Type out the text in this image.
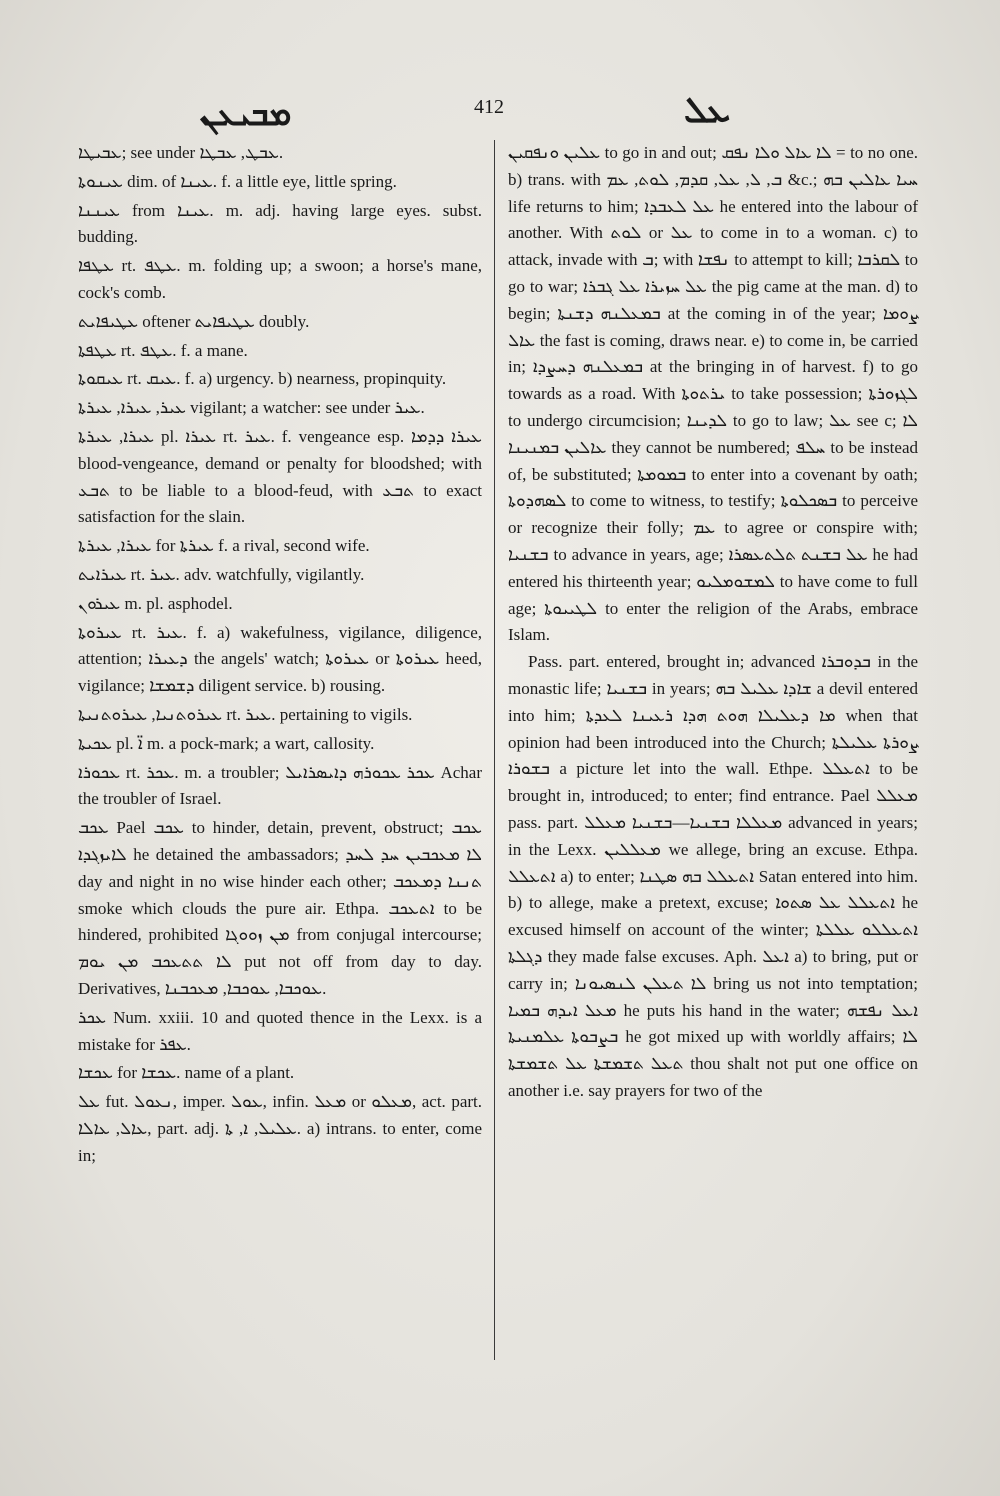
ܡܒܝܥܢ	412	ܥܠ

ܥܒܝܛܐ; see under ܥܒܛ, ܥܒܛܐ.

ܥܝܢܘܬܐ dim. of ܥܝܢܐ. f. a little eye, little spring.

ܥܝܢܢܐ from ܥܝܢܐ. m. adj. having large eyes. subst. budding.

ܥܛܦܐ rt. ܥܛܦ. m. folding up; a swoon; a horse's mane, cock's comb.

ܥܛܝܦܐܝܬ oftener ܥܛܝܦܐܝܬ doubly.

ܥܛܦܬܐ rt. ܥܛܦ. f. a mane.

ܥܝܩܘܬܐ rt. ܥܝܩ. f. a) urgency. b) nearness, propinquity.

ܥܝܪ, ܥܝܪܐ, ܥܝܪܬܐ vigilant; a watcher: see under ܥܝܪ.

ܥܝܪܐ, ܥܝܪܬܐ pl. ܥܝܪܐ rt. ܥܝܪ. f. vengeance esp. ܥܝܪܐ ܕܕܡܐ blood-vengeance, demand or penalty for bloodshed; with ܬܒܥ to be liable to a blood-feud, with ܬܒܥ to exact satisfaction for the slain.

ܥܝܪܐ, ܥܝܪܬܐ for ܥܝܪܬܐ f. a rival, second wife.

ܥܝܪܐܝܬ rt. ܥܝܪ. adv. watchfully, vigilantly.

ܥܝܪܘܢ m. pl. asphodel.

ܥܝܪܘܬܐ rt. ܥܝܪ. f. a) wakefulness, vigilance, diligence, attention; ܕܥܝܪܐ the angels' watch; ܥܝܪܘܬܐ or ܥܝܪܘܬܐ heed, vigilance; ܕܫܡܫܐ diligent service. b) rousing.

ܥܝܪܘܬܢܝܐ, ܥܝܪܘܬܢܝܬܐ rt. ܥܝܪ. pertaining to vigils.

ܥܟܝܬܐ pl. ܐ̈ m. a pock-mark; a wart, callosity.

ܥܟܘܪܐ rt. ܥܟܪ. m. a troubler; ܥܟܪ ܥܟܘܪܗ ܕܐܝܣܪܐܝܠ Achar the troubler of Israel.

ܥܟܒ Pael ܥܟܒ to hinder, detain, prevent, obstruct; ܥܟܒ ܠܐܝܙܓܕܐ he detained the ambassadors; ܠܐ ܡܥܟܒܝܢ ܚܕ ܠܚܕ day and night in no wise hinder each other; ܬܢܢܐ ܕܡܥܟܒ smoke which clouds the pure air. Ethpa. ܐܬܥܟܒ to be hindered, prohibited ܡܢ ܙܘܘܓܐ from conjugal intercourse; ܠܐ ܬܬܥܟܒ ܡܢ ܝܘܡ put not off from day to day. Derivatives, ܥܘܟܒܐ, ܥܘܟܒܐ, ܡܥܟܒܢܐ.

ܥܟܪ Num. xxiii. 10 and quoted thence in the Lexx. is a mistake for ܥܦܪ.

ܥܟܫܐ for ܥܟܫܐ. name of a plant.

ܥܠ fut. ܢܥܘܠ, imper. ܥܘܠ, infin. ܡܥܠ or ܡܥܠܘ, act. part. ܥܐܠ, ܥܐܠܐ, part. adj. ܥܠܝܠ, ܐ, ܬܐ. a) intrans. to enter, come in;

ܥܠܝܢ ܘܢܦܩܝܢ to go in and out; ܠܐ ܥܐܠ ܘܠܐ ܢܦܩ = to no one. b) trans. with ܒ, ܠ, ܥܠ, ܩܕܡ, ܠܘܬ, ܥܡ &c.; ܚܝܐ ܥܐܠܝܢ ܒܗ life returns to him; ܥܠ ܠܥܒܕܐ he entered into the labour of another. With ܠܘܬ or ܥܠ to come in to a woman. c) to attack, invade with ܒ; with ܢܦܫܐ to attempt to kill; ܠܩܪܒܐ to go to war; ܥܠ ܚܙܝܪܐ ܥܠ ܓܒܪܐ the pig came at the man. d) to begin; ܒܡܥܠܢܗ ܕܫܢܬܐ at the coming in of the year; ܨܘܡܐ ܥܐܠ the fast is coming, draws near. e) to come in, be carried in; ܒܡܥܠܢܗ ܕܚܨܕܐ at the bringing in of harvest. f) to go towards as a road. With ܝܪܬܘܬܐ to take possession; ܠܓܙܘܪܬܐ to undergo circumcision; ܠܕܝܢܐ to go to law; ܥܠ see c; ܠܐ ܥܐܠܝܢ ܒܡܢܝܢܐ they cannot be numbered; ܚܠܦ to be instead of, be substituted; ܒܡܘܡܬܐ to enter into a covenant by oath; ܠܣܗܕܘܬܐ to come to witness, to testify; ܒܣܟܠܘܬܐ to perceive or recognize their folly; ܥܡ to agree or conspire with; ܒܫܢܝܐ to advance in years, age; ܥܠ ܒܫܢܬ ܬܠܬܥܣܪܐ he had entered his thirteenth year; ܠܡܫܘܡܠܝܘ to have come to full age; ܠܛܝܝܘܬܐ to enter the religion of the Arabs, embrace Islam.

Pass. part. entered, brought in; advanced ܒܕܘܒܪܐ in the monastic life; ܒܫܢܝܐ in years; ܫܐܕܐ ܥܠܝܠ ܒܗ a devil entered into him; ܡܐ ܕܥܠܝܠܐ ܗܘܬ ܗܕܐ ܪܥܝܢܐ ܠܥܕܬܐ when that opinion had been introduced into the Church; ܨܘܪܬܐ ܥܠܝܠܬܐ ܒܫܘܪܐ a picture let into the wall. Ethpe. ܐܬܥܠܠ to be brought in, introduced; to enter; find entrance. Pael ܡܥܠܠ pass. part. ܡܥܠܠܐ ܒܫܢܝܐ—ܒܫܢܝܐ ܡܥܠܠ advanced in years; in the Lexx. ܡܥܠܠܝܢ we allege, bring an excuse. Ethpa. ܐܬܥܠܠ a) to enter; ܐܬܥܠܠ ܒܗ ܣܛܢܐ Satan entered into him. b) to allege, make a pretext, excuse; ܐܬܥܠܠ ܥܠ ܣܬܘܐ he excused himself on account of the winter; ܐܬܥܠܠܘ ܥܠܠܬܐ ܕܓܠܬܐ they made false excuses. Aph. ܐܥܠ a) to bring, put or carry in; ܠܐ ܬܥܠܢ ܠܢܣܝܘܢܐ bring us not into temptation; ܡܥܠ ܐܝܕܗ ܒܡܝܐ he puts his hand in the water; ܐܥܠ ܢܦܫܗ ܒܨܒܘܬܐ ܥܠܡܢܝܬܐ he got mixed up with worldly affairs; ܠܐ ܬܥܠ ܬܫܡܫܬܐ ܥܠ ܬܫܡܫܬܐ thou shalt not put one office on another i.e. say prayers for two of the
